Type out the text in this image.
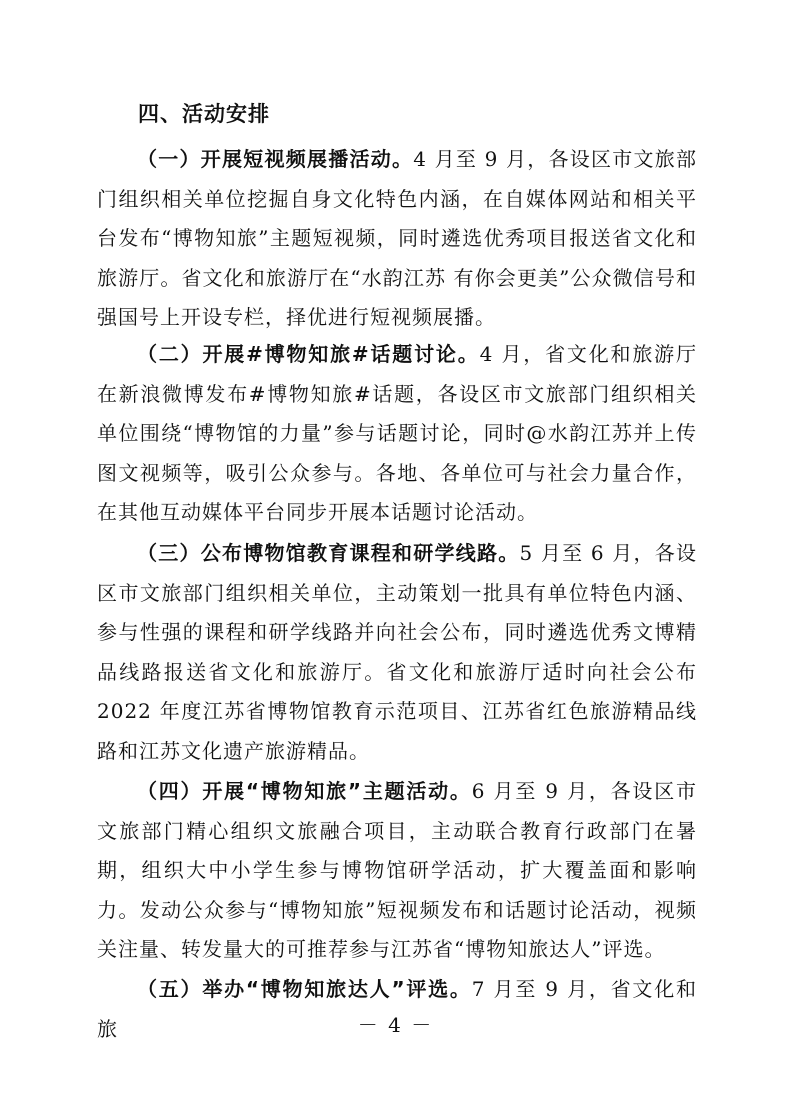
四、活动安排
（一）开展短视频展播活动。4 月至 9 月，各设区市文旅部门组织相关单位挖掘自身文化特色内涵，在自媒体网站和相关平台发布“博物知旅”主题短视频，同时遴选优秀项目报送省文化和旅游厅。省文化和旅游厅在“水韵江苏 有你会更美”公众微信号和强国号上开设专栏，择优进行短视频展播。
（二）开展#博物知旅#话题讨论。4 月，省文化和旅游厅在新浪微博发布#博物知旅#话题，各设区市文旅部门组织相关单位围绕“博物馆的力量”参与话题讨论，同时@水韵江苏并上传图文视频等，吸引公众参与。各地、各单位可与社会力量合作，在其他互动媒体平台同步开展本话题讨论活动。
（三）公布博物馆教育课程和研学线路。5 月至 6 月，各设区市文旅部门组织相关单位，主动策划一批具有单位特色内涵、参与性强的课程和研学线路并向社会公布，同时遴选优秀文博精品线路报送省文化和旅游厅。省文化和旅游厅适时向社会公布 2022 年度江苏省博物馆教育示范项目、江苏省红色旅游精品线路和江苏文化遗产旅游精品。
（四）开展“博物知旅”主题活动。6 月至 9 月，各设区市文旅部门精心组织文旅融合项目，主动联合教育行政部门在暑期，组织大中小学生参与博物馆研学活动，扩大覆盖面和影响力。发动公众参与“博物知旅”短视频发布和话题讨论活动，视频关注量、转发量大的可推荐参与江苏省“博物知旅达人”评选。
（五）举办“博物知旅达人”评选。7 月至 9 月，省文化和旅	－ 4 －
